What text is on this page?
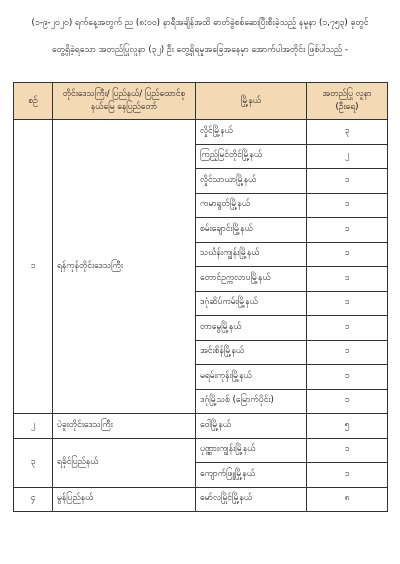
(၁-၉-၂၀၂၀) ရက်နေ့အတွက် ည (၈:၀၀) နာရီအချိန်အထိ ဓာတ်ခွဲစစ်ဆေးပြီးစီးခဲ့သည့် နမူနာ (၁,၇၅၃) ခုတွင်
တွေ့ရှိခဲ့ရသော အတည်ပြုလူနာ (၃၂) ဦး တွေ့ရှိရမှုအခြေအနေမှာ အောက်ပါအတိုင်း ဖြစ်ပါသည် -
စဉ်	တိုင်းဒေသကြီး/ ပြည်နယ်/ ပြည်ထောင်စုနယ်မြေ နေပြည်တော်	မြို့နယ်	အတည်ပြု လူနာ (ဦးရေ)
၁	ရန်ကုန်တိုင်းဒေသကြီး	လှိုင်မြို့နယ်	၃
		ကြည့်မြင်တိုင်မြို့နယ်	၂
		လှိုင်သာယာမြို့နယ်	၁
		ကမာရွတ်မြို့နယ်	၁
		စမ်းချောင်းမြို့နယ်	၁
		သင်္ဃန်းကျွန်းမြို့နယ်	၁
		တောင်ဥက္ကလာပမြို့နယ်	၁
		ဒဂုံဆိပ်ကမ်းမြို့နယ်	၁
		တာမွေမြို့နယ်	၁
		အင်းစိန်မြို့နယ်	၁
		မရမ်းကုန်းမြို့နယ်	၁
		ဒဂုံမြို့သစ် (မြောက်ပိုင်း)	၁
၂	ပဲခူးတိုင်းဒေသကြီး	ဝေါမြို့နယ်	၅
၃	ရခိုင်ပြည်နယ်	ပုဏ္ဏားကျွန်းမြို့နယ်	၁
		ကျောက်ဖြူမြို့နယ်	၁
၄	မွန်ပြည်နယ်	မော်လမြိုင်မြို့နယ်	၈
